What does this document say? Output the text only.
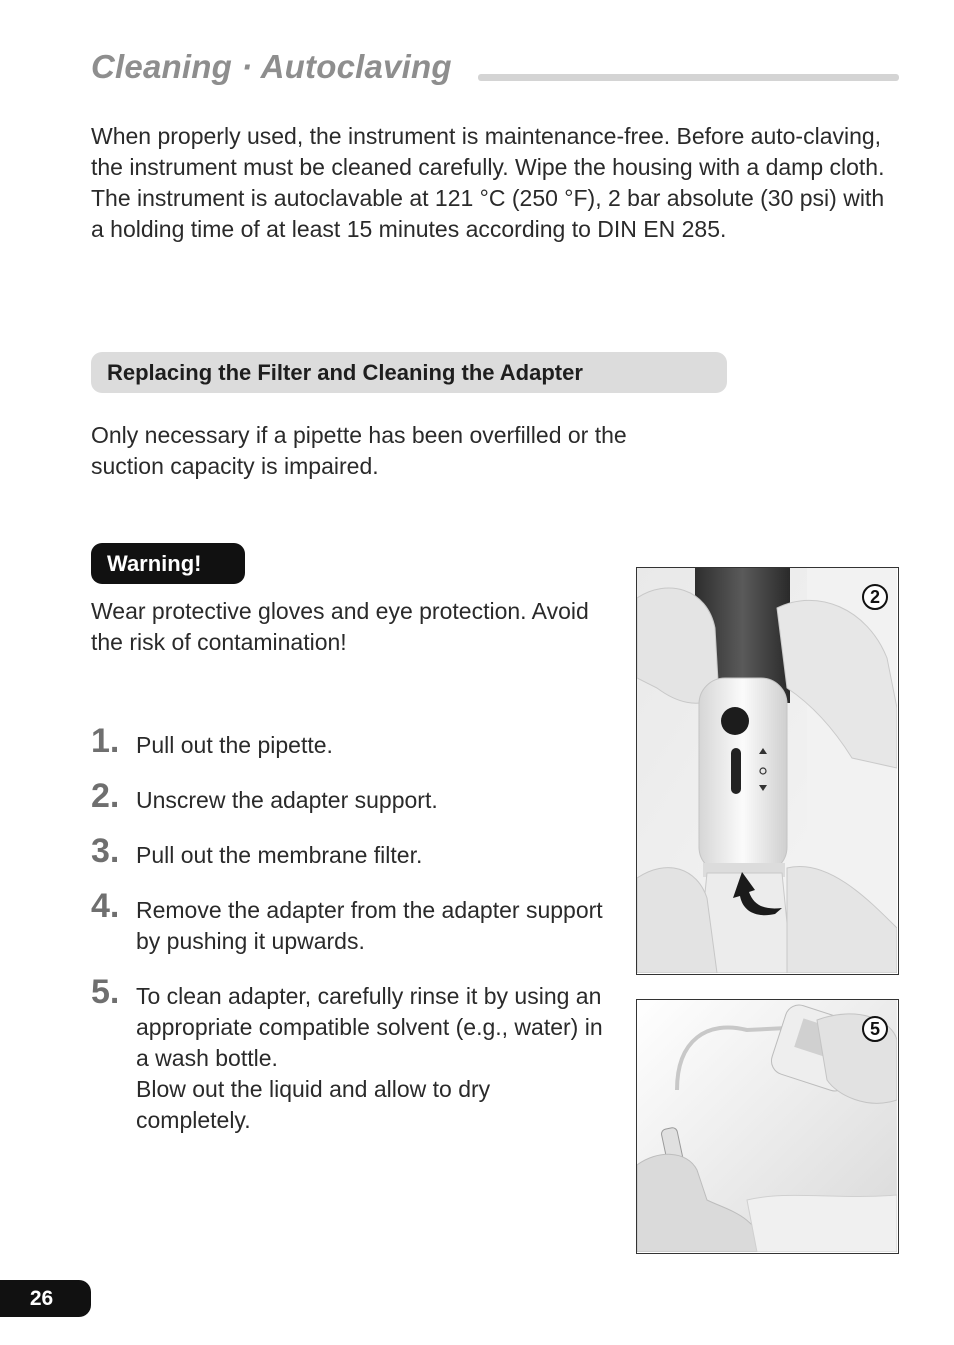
Cleaning · Autoclaving

When properly used, the instrument is maintenance-free. Before auto-claving, the instrument must be cleaned carefully. Wipe the housing with a damp cloth. The instrument is autoclavable at 121 °C (250 °F), 2 bar absolute (30 psi) with a holding time of at least 15 minutes according to DIN EN 285.

Replacing the Filter and Cleaning the Adapter

Only necessary if a pipette has been overfilled or the suction capacity is impaired.

Warning!

Wear protective gloves and eye protection. Avoid the risk of contamination!

1. Pull out the pipette.
2. Unscrew the adapter support.
3. Pull out the membrane filter.
4. Remove the adapter from the adapter support by pushing it upwards.
5. To clean adapter, carefully rinse it by using an appropriate compatible solvent (e.g., water) in a wash bottle.
Blow out the liquid and allow to dry completely.
2
5
26
